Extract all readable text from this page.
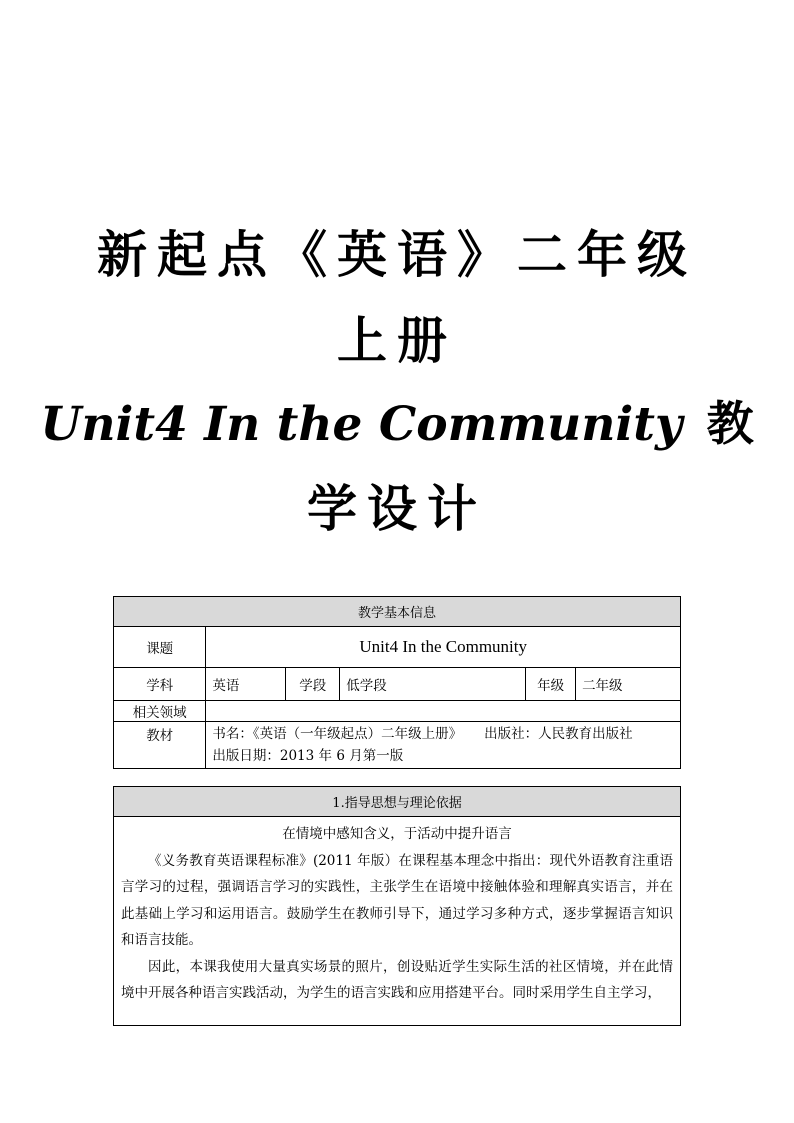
新起点《英语》二年级
上册
Unit4 In the Community 教
学设计
教学基本信息					
课题	Unit4 In the Community				
学科	英语	学段	低学段	年级	二年级
相关领域					
教材	书名：《英语（一年级起点）二年级上册》 出版社：人民教育出版社
出版日期：2013 年 6 月第一版				
1.指导思想与理论依据

在情境中感知含义，于活动中提升语言
《义务教育英语课程标准》(2011 年版）在课程基本理念中指出：现代外语教育注重语言学习的过程，强调语言学习的实践性，主张学生在语境中接触体验和理解真实语言，并在此基础上学习和运用语言。鼓励学生在教师引导下，通过学习多种方式，逐步掌握语言知识和语言技能。
因此，本课我使用大量真实场景的照片，创设贴近学生实际生活的社区情境，并在此情境中开展各种语言实践活动，为学生的语言实践和应用搭建平台。同时采用学生自主学习，
